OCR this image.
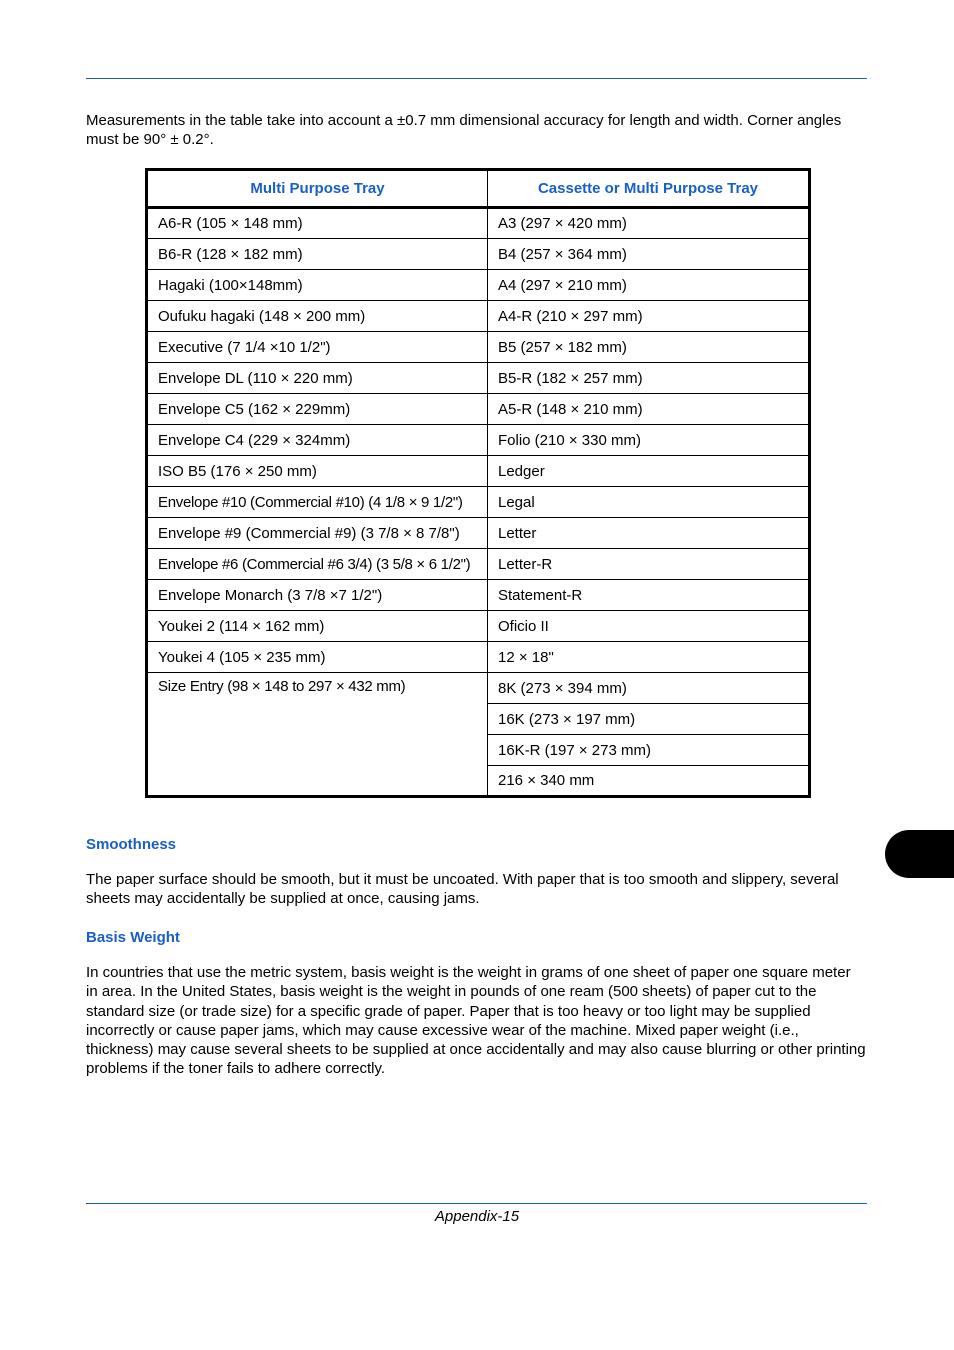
Measurements in the table take into account a ±0.7 mm dimensional accuracy for length and width. Corner angles must be 90° ± 0.2°.

Multi Purpose Tray	Cassette or Multi Purpose Tray
A6-R (105 × 148 mm)	A3 (297 × 420 mm)
B6-R (128 × 182 mm)	B4 (257 × 364 mm)
Hagaki (100×148mm)	A4 (297 × 210 mm)
Oufuku hagaki (148 × 200 mm)	A4-R (210 × 297 mm)
Executive (7 1/4 ×10 1/2")	B5 (257 × 182 mm)
Envelope DL (110 × 220 mm)	B5-R (182 × 257 mm)
Envelope C5 (162 × 229mm)	A5-R (148 × 210 mm)
Envelope C4 (229 × 324mm)	Folio (210 × 330 mm)
ISO B5 (176 × 250 mm)	Ledger
Envelope #10 (Commercial #10) (4 1/8 × 9 1/2")	Legal
Envelope #9 (Commercial #9) (3 7/8 × 8 7/8")	Letter
Envelope #6 (Commercial #6 3/4) (3 5/8 × 6 1/2")	Letter-R
Envelope Monarch (3 7/8 ×7 1/2")	Statement-R
Youkei 2 (114 × 162 mm)	Oficio II
Youkei 4 (105 × 235 mm)	12 × 18"
Size Entry (98 × 148 to 297 × 432 mm)	8K (273 × 394 mm)
	16K (273 × 197 mm)
	16K-R (197 × 273 mm)
	216 × 340 mm
Smoothness

The paper surface should be smooth, but it must be uncoated. With paper that is too smooth and slippery, several sheets may accidentally be supplied at once, causing jams.

Basis Weight

In countries that use the metric system, basis weight is the weight in grams of one sheet of paper one square meter in area. In the United States, basis weight is the weight in pounds of one ream (500 sheets) of paper cut to the standard size (or trade size) for a specific grade of paper. Paper that is too heavy or too light may be supplied incorrectly or cause paper jams, which may cause excessive wear of the machine. Mixed paper weight (i.e., thickness) may cause several sheets to be supplied at once accidentally and may also cause blurring or other printing problems if the toner fails to adhere correctly.

Appendix-15
